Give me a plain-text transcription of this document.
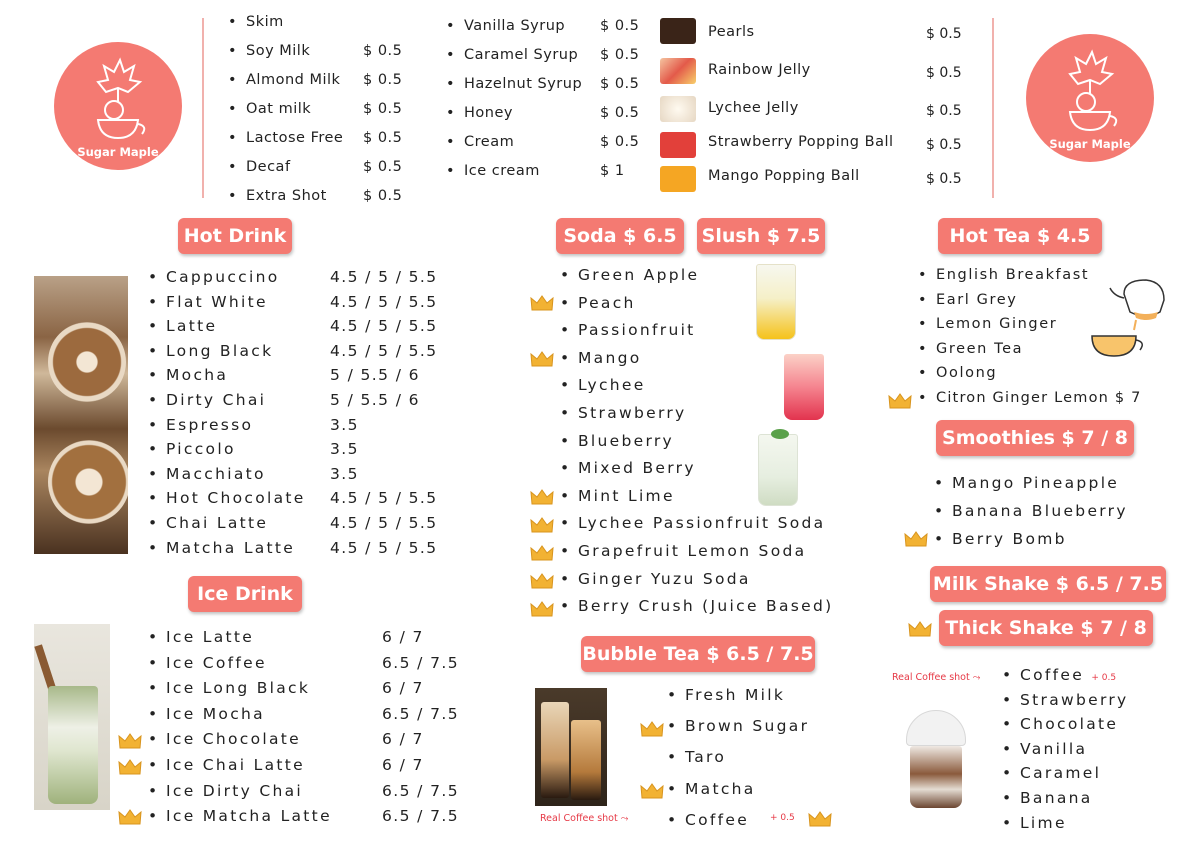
Sugar Maple
Sugar Maple
• Skim
• Soy Milk	$ 0.5
• Almond Milk $ 0.5
• Oat milk	$ 0.5
• Lactose Free $ 0.5
• Decaf	$ 0.5
• Extra Shot $ 0.5
• Vanilla Syrup $ 0.5
• Caramel Syrup $ 0.5
• Hazelnut Syrup $ 0.5
• Honey	$ 0.5
• Cream	$ 0.5
• Ice cream	$ 1
Pearls	$ 0.5
Rainbow Jelly	$ 0.5
Lychee Jelly	$ 0.5
Strawberry Popping Ball $ 0.5
Mango Popping Ball	$ 0.5
Hot Drink
• Cappuccino	4.5 / 5 / 5.5
• Flat White	4.5 / 5 / 5.5
• Latte	4.5 / 5 / 5.5
• Long Black	4.5 / 5 / 5.5
• Mocha	5 / 5.5 / 6
• Dirty Chai	5 / 5.5 / 6
• Espresso	3.5
• Piccolo	3.5
• Macchiato	3.5
• Hot Chocolate 4.5 / 5 / 5.5
• Chai Latte	4.5 / 5 / 5.5
• Matcha Latte 4.5 / 5 / 5.5
Ice Drink
• Ice Latte	6 / 7
• Ice Coffee	6.5 / 7.5
• Ice Long Black	6 / 7
• Ice Mocha	6.5 / 7.5
• Ice Chocolate	6 / 7
• Ice Chai Latte	6 / 7
• Ice Dirty Chai	6.5 / 7.5
• Ice Matcha Latte	6.5 / 7.5
Soda $ 6.5	Slush $ 7.5
• Green Apple
• Peach
• Passionfruit
• Mango
• Lychee
• Strawberry
• Blueberry
• Mixed Berry
• Mint Lime
• Lychee Passionfruit Soda
• Grapefruit Lemon Soda
• Ginger Yuzu Soda
• Berry Crush (Juice Based)
Bubble Tea $ 6.5 / 7.5
• Fresh Milk
• Brown Sugar
• Taro
• Matcha
• Coffee
Real Coffee shot ⤳	+ 0.5
Hot Tea $ 4.5
• English Breakfast
• Earl Grey
• Lemon Ginger
• Green Tea
• Oolong
• Citron Ginger Lemon $ 7
Smoothies $ 7 / 8
• Mango Pineapple
• Banana Blueberry
• Berry Bomb
Milk Shake $ 6.5 / 7.5
Thick Shake $ 7 / 8
Real Coffee shot ⤳
•	Coffee + 0.5
• Strawberry
• Chocolate
• Vanilla
• Caramel
• Banana
• Lime
